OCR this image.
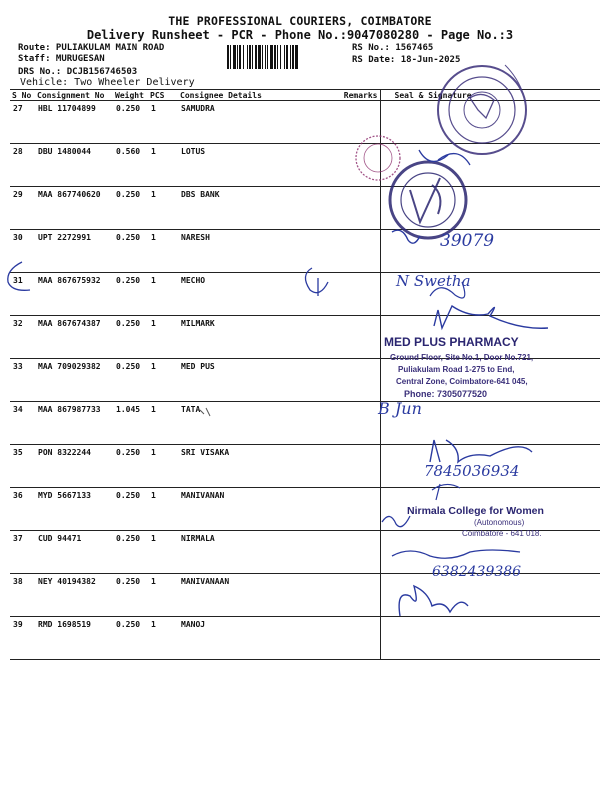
THE PROFESSIONAL COURIERS, COIMBATORE
Delivery Runsheet - PCR - Phone No.:9047080280 - Page No.:3
Route: PULIAKULAM MAIN ROAD
Staff: MURUGESAN
DRS No.: DCJB156746503
Vehicle: Two Wheeler Delivery
RS No.: 1567465
RS Date: 18-Jun-2025
S No	Consignment No	Weight	PCS	Consignee Details	Remarks	Seal & Signature
27	HBL 11704899	0.250	1	SAMUDRA		
28	DBU 1480044	0.560	1	LOTUS		
29	MAA 867740620	0.250	1	DBS BANK		
30	UPT 2272991	0.250	1	NARESH		
31	MAA 867675932	0.250	1	MECHO		
32	MAA 867674387	0.250	1	MILMARK		
33	MAA 709029382	0.250	1	MED PUS		
34	MAA 867987733	1.045	1	TATA		
35	PON 8322244	0.250	1	SRI VISAKA		
36	MYD 5667133	0.250	1	MANIVANAN		
37	CUD 94471	0.250	1	NIRMALA		
38	NEY 40194382	0.250	1	MANIVANAAN		
39	RMD 1698519	0.250	1	MANOJ		
39079
N Swetha
MED PLUS PHARMACY
Ground Floor, Site No.1, Door No.721,
Puliakulam Road 1-275 to End,
Central Zone, Coimbatore-641 045,
Phone: 7305077520
B Jun
7845036934
Nirmala College for Women
(Autonomous)
Coimbatore - 641 018.
6382439386
